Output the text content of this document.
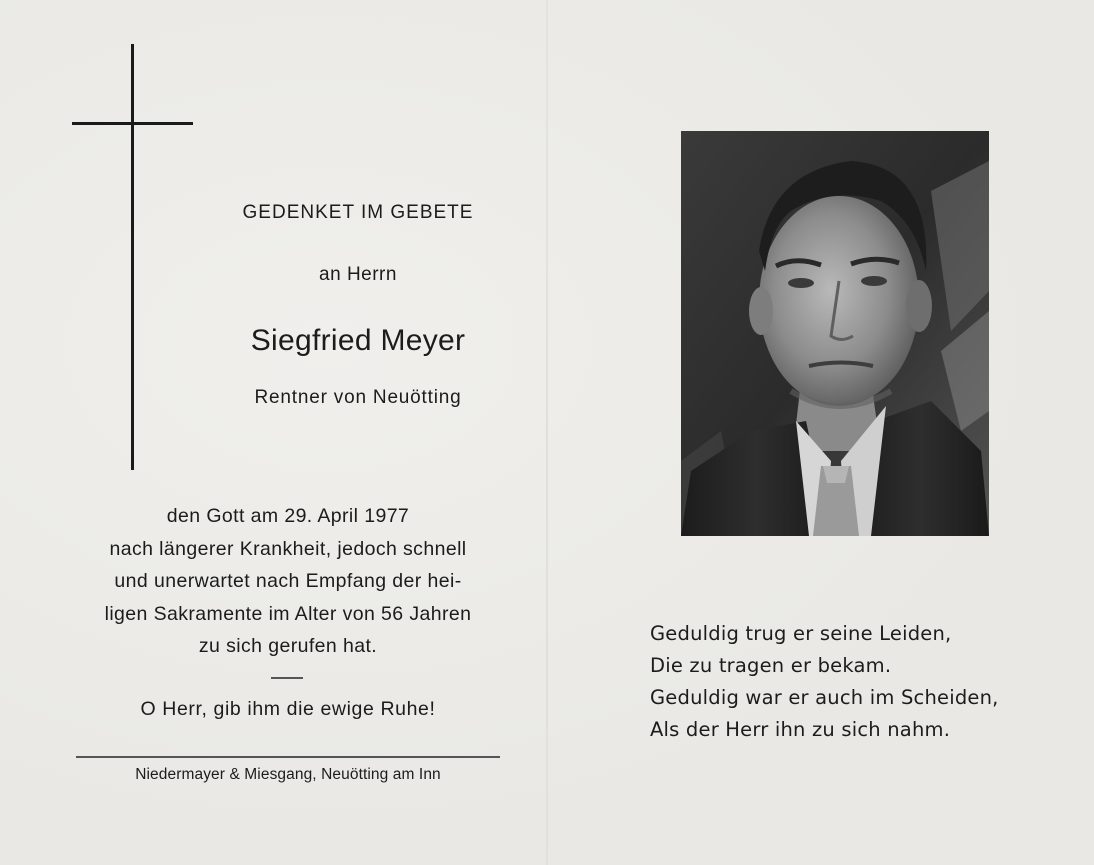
GEDENKET IM GEBETE
an Herrn
Siegfried Meyer
Rentner von Neuötting
den Gott am 29. April 1977
nach längerer Krankheit, jedoch schnell
und unerwartet nach Empfang der hei-
ligen Sakramente im Alter von 56 Jahren
zu sich gerufen hat.
O Herr, gib ihm die ewige Ruhe!
Niedermayer & Miesgang, Neuötting am Inn
Geduldig trug er seine Leiden,
Die zu tragen er bekam.
Geduldig war er auch im Scheiden,
Als der Herr ihn zu sich nahm.
